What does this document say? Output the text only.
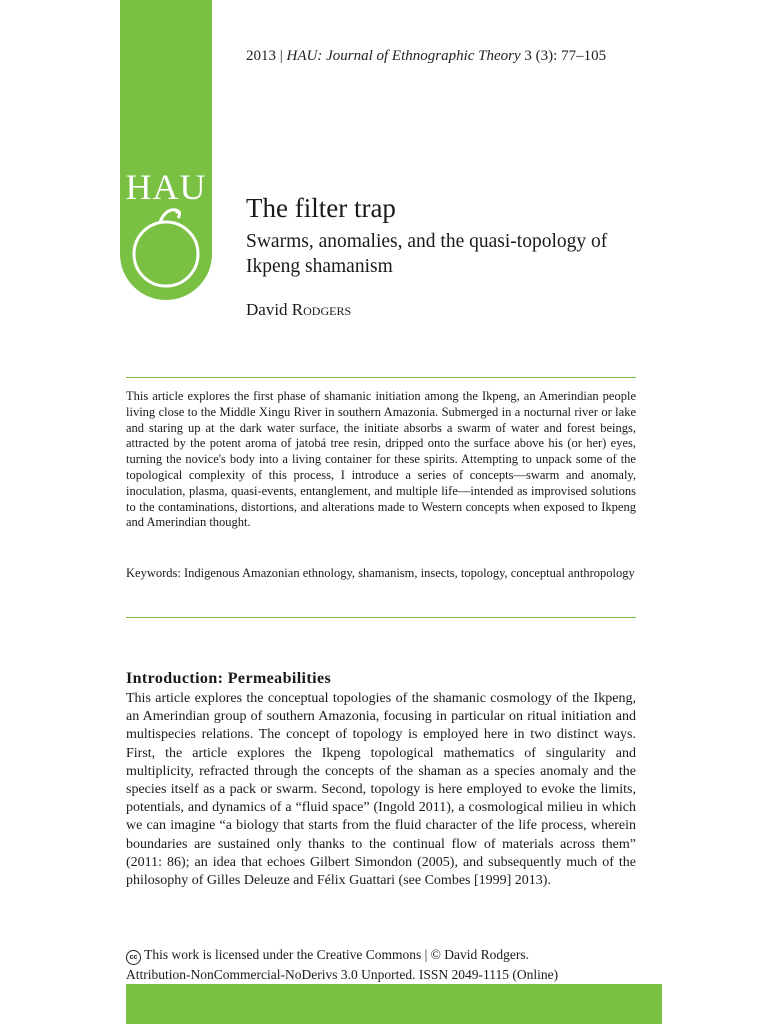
HAU
2013 | HAU: Journal of Ethnographic Theory 3 (3): 77–105
The filter trap
Swarms, anomalies, and the quasi-topology of Ikpeng shamanism
David Rodgers

This article explores the first phase of shamanic initiation among the Ikpeng, an Amerindian people living close to the Middle Xingu River in southern Amazonia. Submerged in a nocturnal river or lake and staring up at the dark water surface, the initiate absorbs a swarm of water and forest beings, attracted by the potent aroma of jatobá tree resin, dripped onto the surface above his (or her) eyes, turning the novice's body into a living container for these spirits. Attempting to unpack some of the topological complexity of this process, I introduce a series of concepts—swarm and anomaly, inoculation, plasma, quasi-events, entanglement, and multiple life—intended as improvised solutions to the contaminations, distortions, and alterations made to Western concepts when exposed to Ikpeng and Amerindian thought.

Keywords: Indigenous Amazonian ethnology, shamanism, insects, topology, conceptual anthropology

Introduction: Permeabilities

This article explores the conceptual topologies of the shamanic cosmology of the Ikpeng, an Amerindian group of southern Amazonia, focusing in particular on ritual initiation and multispecies relations. The concept of topology is employed here in two distinct ways. First, the article explores the Ikpeng topological mathematics of singularity and multiplicity, refracted through the concepts of the shaman as a species anomaly and the species itself as a pack or swarm. Second, topology is here employed to evoke the limits, potentials, and dynamics of a “fluid space” (Ingold 2011), a cosmological milieu in which we can imagine “a biology that starts from the fluid character of the life process, wherein boundaries are sustained only thanks to the continual flow of materials across them” (2011: 86); an idea that echoes Gilbert Simondon (2005), and subsequently much of the philosophy of Gilles Deleuze and Félix Guattari (see Combes [1999] 2013).

cc This work is licensed under the Creative Commons | © David Rodgers.
Attribution-NonCommercial-NoDerivs 3.0 Unported. ISSN 2049-1115 (Online)
